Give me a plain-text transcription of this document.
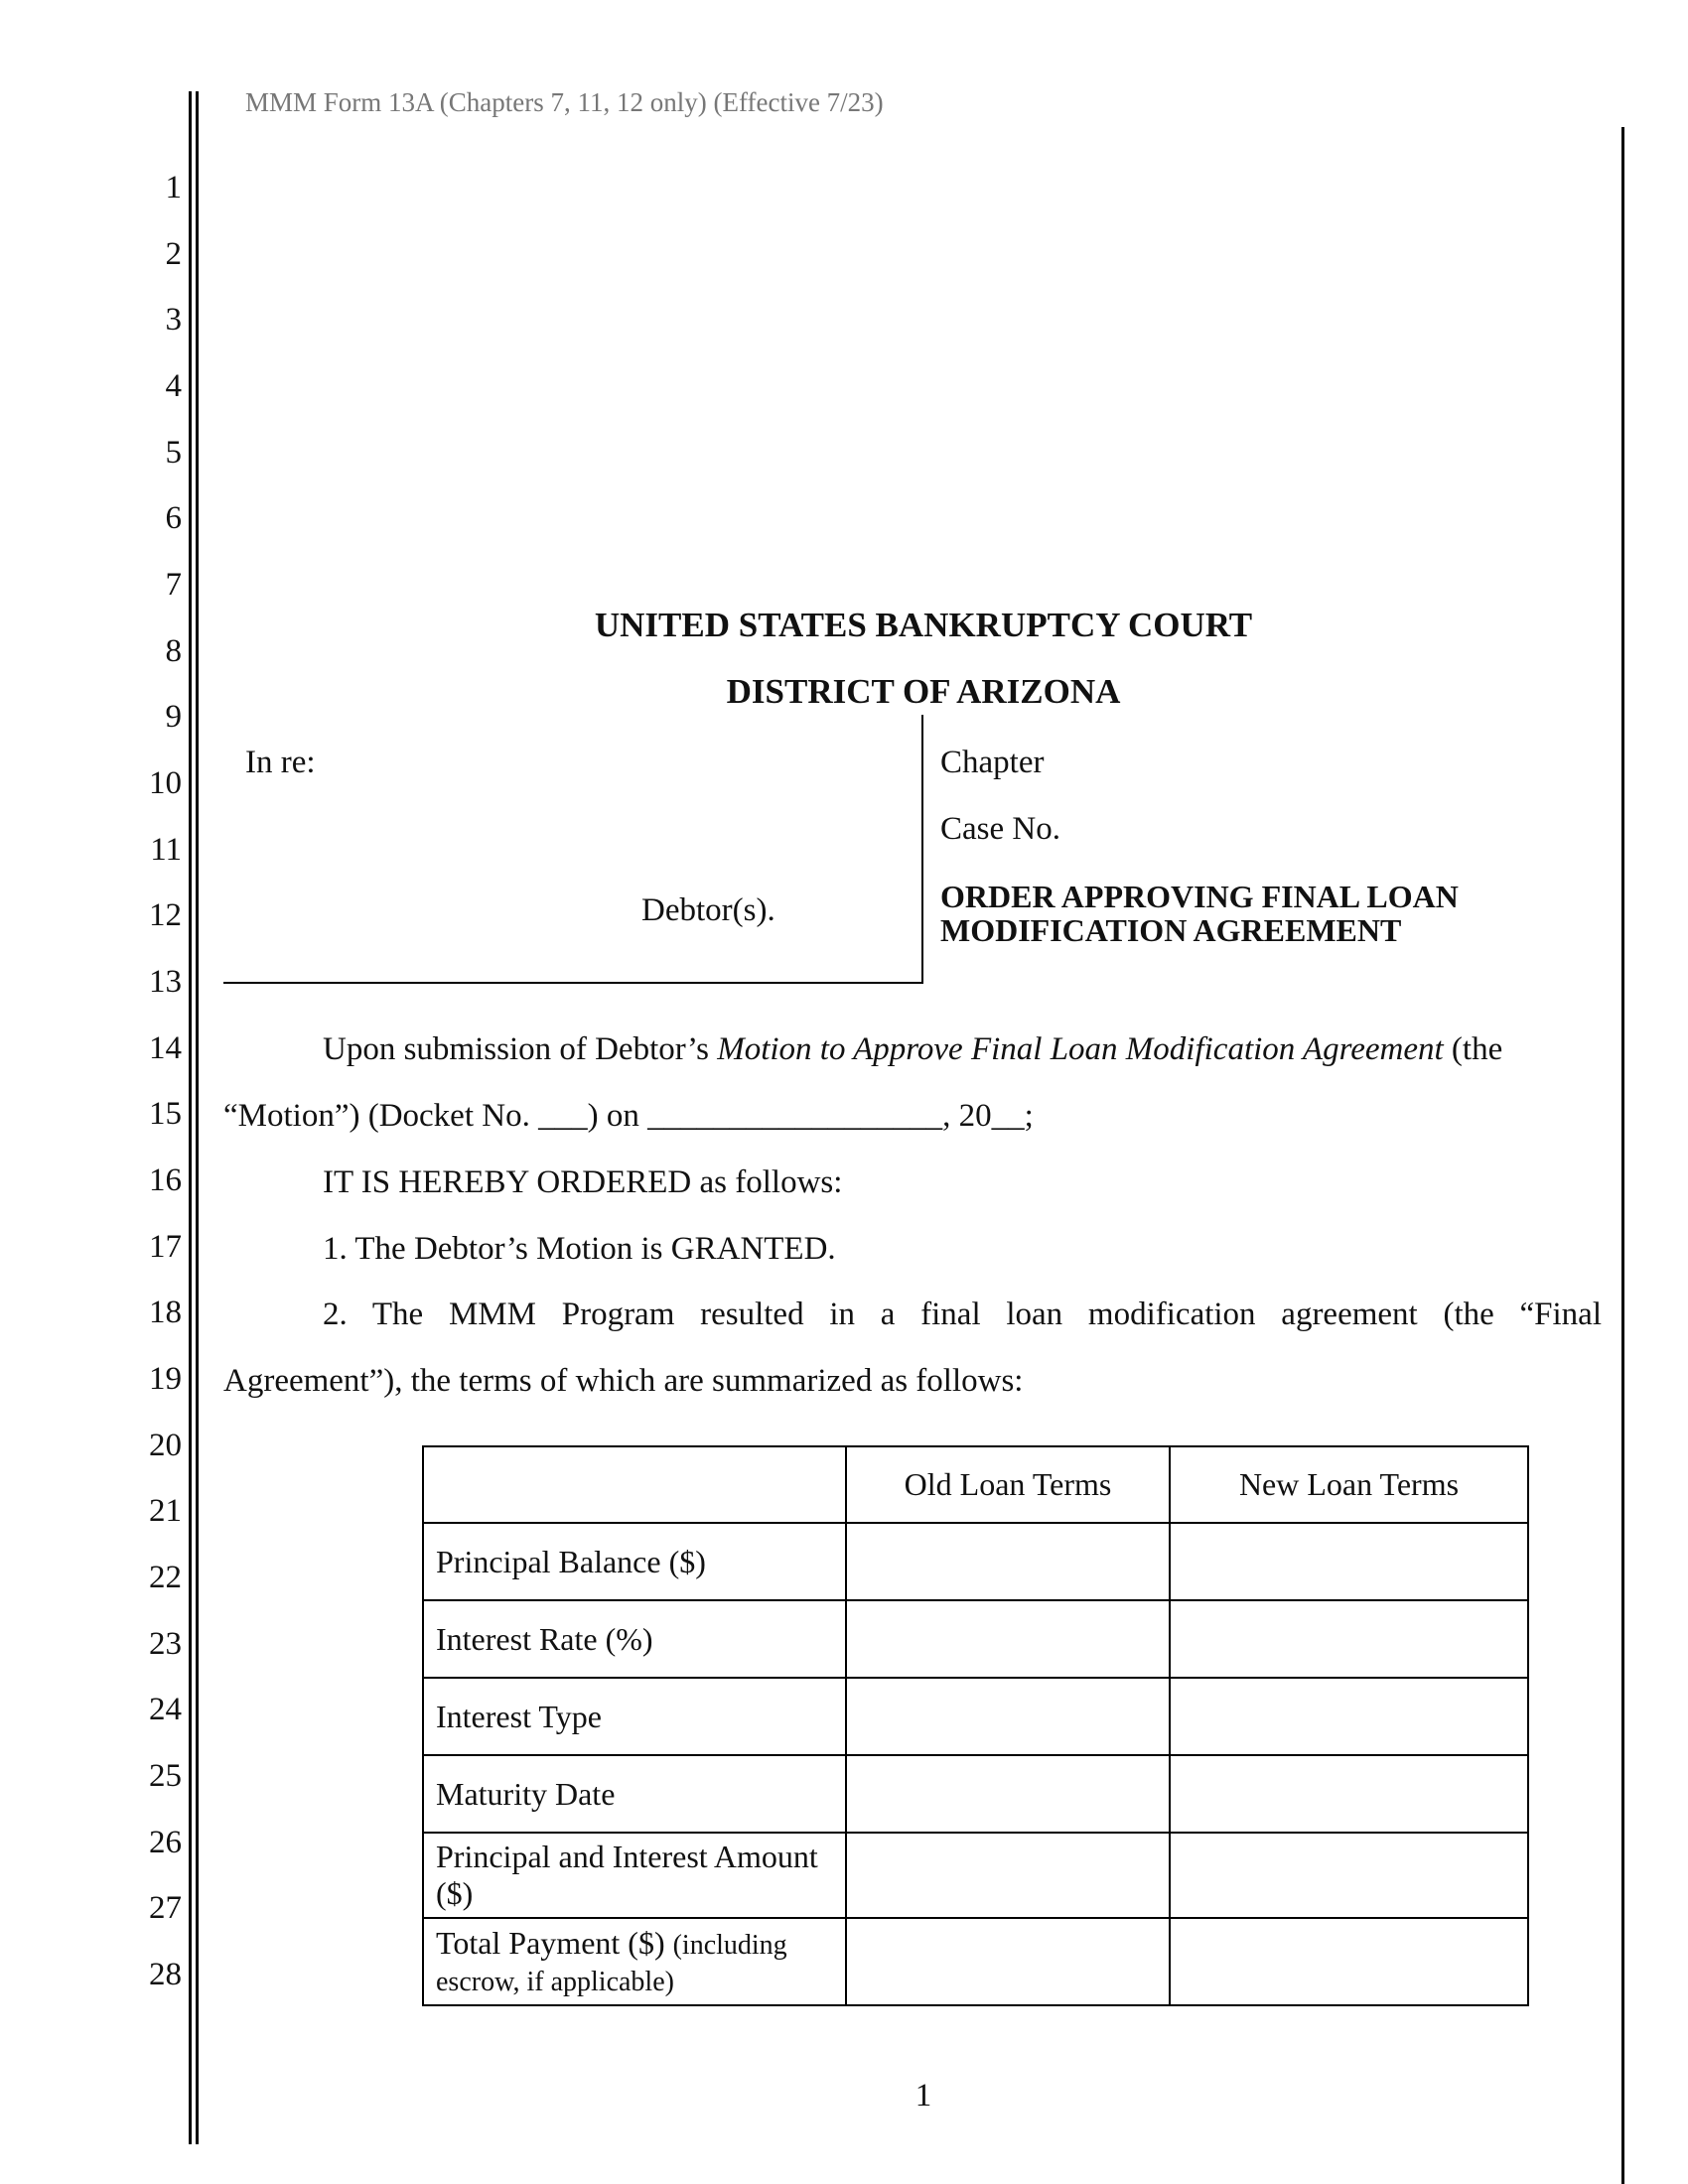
MMM Form 13A (Chapters 7, 11, 12 only) (Effective 7/23)
1
2
3
4
5
6
7
8
9
10
11
12
13
14
15
16
17
18
19
20
21
22
23
24
25
26
27
28
UNITED STATES BANKRUPTCY COURT
DISTRICT OF ARIZONA
In re:
Debtor(s).
Chapter
Case No.
ORDER APPROVING FINAL LOAN
MODIFICATION AGREEMENT
Upon submission of Debtor’s Motion to Approve Final Loan Modification Agreement (the
“Motion”) (Docket No. ___) on __________________, 20__;
IT IS HEREBY ORDERED as follows:
1. The Debtor’s Motion is GRANTED.
2. The MMM Program resulted in a final loan modification agreement (the “Final
Agreement”), the terms of which are summarized as follows:
	Old Loan Terms	New Loan Terms
Principal Balance ($)		
Interest Rate (%)		
Interest Type		
Maturity Date		
Principal and Interest Amount ($)		
Total Payment ($) (including escrow, if applicable)		
1
